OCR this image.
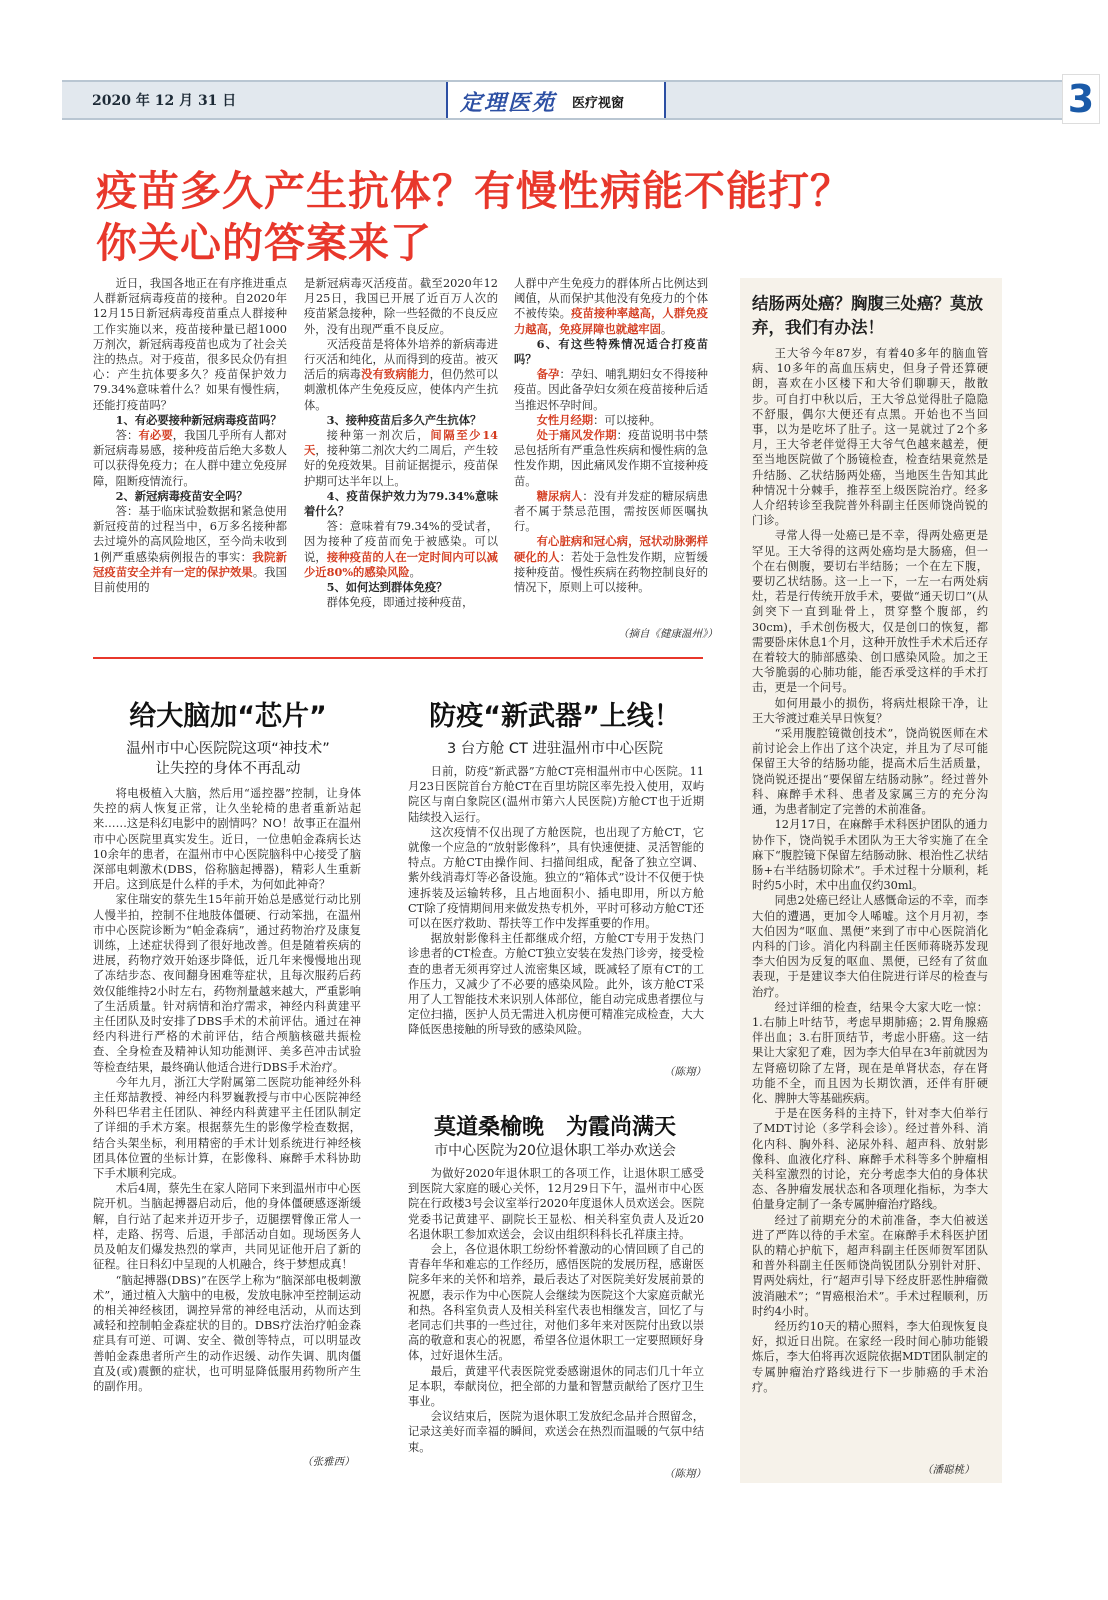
2020 年 12 月 31 日	定理医苑 医疗视窗	3
疫苗多久产生抗体？有慢性病能不能打？
你关心的答案来了

近日，我国各地正在有序推进重点人群新冠病毒疫苗的接种。自2020年12月15日新冠病毒疫苗重点人群接种工作实施以来，疫苗接种量已超1000万剂次，新冠病毒疫苗也成为了社会关注的热点。对于疫苗，很多民众仍有担心：产生抗体要多久？疫苗保护效力79.34%意味着什么？如果有慢性病，还能打疫苗吗？

1、有必要接种新冠病毒疫苗吗？

答：有必要，我国几乎所有人都对新冠病毒易感，接种疫苗后绝大多数人可以获得免疫力；在人群中建立免疫屏障，阻断疫情流行。

2、新冠病毒疫苗安全吗？

答：基于临床试验数据和紧急使用新冠疫苗的过程当中，6万多名接种都去过境外的高风险地区，至今尚未收到1例严重感染病例报告的事实：我院新冠疫苗安全并有一定的保护效果。我国目前使用的

是新冠病毒灭活疫苗。截至2020年12月25日，我国已开展了近百万人次的疫苗紧急接种，除一些轻微的不良反应外，没有出现严重不良反应。

灭活疫苗是将体外培养的新病毒进行灭活和纯化，从而得到的疫苗。被灭活后的病毒没有致病能力，但仍然可以刺激机体产生免疫反应，使体内产生抗体。

3、接种疫苗后多久产生抗体？

接种第一剂次后，间隔至少14天，接种第二剂次大约二周后，产生较好的免疫效果。目前证据提示，疫苗保护期可达半年以上。

4、疫苗保护效力为79.34%意味着什么？

答：意味着有79.34%的受试者，因为接种了疫苗而免于被感染。可以说，接种疫苗的人在一定时间内可以减少近80%的感染风险。

5、如何达到群体免疫？

群体免疫，即通过接种疫苗，

人群中产生免疫力的群体所占比例达到阈值，从而保护其他没有免疫力的个体不被传染。疫苗接种率越高，人群免疫力越高，免疫屏障也就越牢固。

6、有这些特殊情况适合打疫苗吗？

备孕：孕妇、哺乳期妇女不得接种疫苗。因此备孕妇女须在疫苗接种后适当推迟怀孕时间。

女性月经期：可以接种。

处于痛风发作期：疫苗说明书中禁忌包括所有严重急性疾病和慢性病的急性发作期，因此痛风发作期不宜接种疫苗。

糖尿病人：没有并发症的糖尿病患者不属于禁忌范围，需按医师医嘱执行。

有心脏病和冠心病，冠状动脉粥样硬化的人：若处于急性发作期，应暂缓接种疫苗。慢性疾病在药物控制良好的情况下，原则上可以接种。

（摘自《健康温州》）
给大脑加“芯片”
温州市中心医院院这项“神技术”
让失控的身体不再乱动

将电极植入大脑，然后用“遥控器”控制，让身体失控的病人恢复正常，让久坐轮椅的患者重新站起来……这是科幻电影中的剧情吗？NO！故事正在温州市中心医院里真实发生。近日，一位患帕金森病长达10余年的患者，在温州市中心医院脑科中心接受了脑深部电刺激术(DBS，俗称脑起搏器)，精彩人生重新开启。这到底是什么样的手术，为何如此神奇？

家住瑞安的蔡先生15年前开始总是感觉行动比别人慢半拍，控制不住地肢体僵硬、行动笨拙，在温州市中心医院诊断为“帕金森病”，通过药物治疗及康复训练，上述症状得到了很好地改善。但是随着疾病的进展，药物疗效开始逐步降低，近几年来慢慢地出现了冻结步态、夜间翻身困难等症状，且每次服药后药效仅能维持2小时左右，药物剂量越来越大，严重影响了生活质量。针对病情和治疗需求，神经内科黄建平主任团队及时安排了DBS手术的术前评估。通过在神经内科进行严格的术前评估，结合颅脑核磁共振检查、全身检查及精神认知功能测评、美多芭冲击试验等检查结果，最终确认他适合进行DBS手术治疗。

今年九月，浙江大学附属第二医院功能神经外科主任郑喆教授、神经内科罗巍教授与市中心医院神经外科巴华君主任团队、神经内科黄建平主任团队制定了详细的手术方案。根据蔡先生的影像学检查数据，结合头架坐标，利用精密的手术计划系统进行神经核团具体位置的坐标计算，在影像科、麻醉手术科协助下手术顺利完成。

术后4周，蔡先生在家人陪同下来到温州市中心医院开机。当脑起搏器启动后，他的身体僵硬感逐渐缓解，自行站了起来并迈开步子，迈腿摆臂像正常人一样，走路、拐弯、后退，手部活动自如。现场医务人员及帕友们爆发热烈的掌声，共同见证他开启了新的征程。往日科幻中呈现的人机融合，终于梦想成真！

“脑起搏器(DBS)”在医学上称为“脑深部电极刺激术”，通过植入大脑中的电极，发放电脉冲至控制运动的相关神经核团，调控异常的神经电活动，从而达到减轻和控制帕金森症状的目的。DBS疗法治疗帕金森症具有可逆、可调、安全、微创等特点，可以明显改善帕金森患者所产生的动作迟缓、动作失调、肌肉僵直及(或)震颤的症状，也可明显降低服用药物所产生的副作用。

（张雅西）
防疫“新武器”上线！
3 台方舱 CT 进驻温州市中心医院

日前，防疫“新武器”方舱CT亮相温州市中心医院。11月23日医院首台方舱CT在百里坊院区率先投入使用，双屿院区与南白象院区(温州市第六人民医院)方舱CT也于近期陆续投入运行。

这次疫情不仅出现了方舱医院，也出现了方舱CT，它就像一个应急的“放射影像科”，具有快速便捷、灵活智能的特点。方舱CT由操作间、扫描间组成，配备了独立空调、紫外线消毒灯等必备设施。独立的“箱体式”设计不仅便于快速拆装及运输转移，且占地面积小、插电即用，所以方舱CT除了疫情期间用来做发热专机外，平时可移动方舱CT还可以在医疗救助、帮扶等工作中发挥重要的作用。

据放射影像科主任都继成介绍，方舱CT专用于发热门诊患者的CT检查。方舱CT独立安装在发热门诊旁，接受检查的患者无须再穿过人流密集区域，既减轻了原有CT的工作压力，又减少了不必要的感染风险。此外，该方舱CT采用了人工智能技术来识别人体部位，能自动完成患者摆位与定位扫描，医护人员无需进入机房便可精准完成检查，大大降低医患接触的所导致的感染风险。

（陈翔）
莫道桑榆晚　为霞尚满天
市中心医院为20位退休职工举办欢送会

为做好2020年退休职工的各项工作，让退休职工感受到医院大家庭的暖心关怀，12月29日下午，温州市中心医院在行政楼3号会议室举行2020年度退休人员欢送会。医院党委书记黄建平、副院长王显松、相关科室负责人及近20名退休职工参加欢送会，会议由组织科科长孔祥康主持。

会上，各位退休职工纷纷怀着激动的心情回顾了自己的青春年华和难忘的工作经历，感悟医院的发展历程，感谢医院多年来的关怀和培养，最后表达了对医院美好发展前景的祝愿，表示作为中心医院人会继续为医院这个大家庭贡献光和热。各科室负责人及相关科室代表也相继发言，回忆了与老同志们共事的一些过往，对他们多年来对医院付出致以崇高的敬意和衷心的祝愿，希望各位退休职工一定要照顾好身体，过好退休生活。

最后，黄建平代表医院党委感谢退休的同志们几十年立足本职，奉献岗位，把全部的力量和智慧贡献给了医疗卫生事业。

会议结束后，医院为退休职工发放纪念品并合照留念，记录这美好而幸福的瞬间，欢送会在热烈而温暖的气氛中结束。

（陈翔）
结肠两处癌？胸腹三处癌？莫放弃，我们有办法！

王大爷今年87岁，有着40多年的脑血管病、10多年的高血压病史，但身子骨还算硬朗，喜欢在小区楼下和大爷们聊聊天，散散步。可自打中秋以后，王大爷总觉得肚子隐隐不舒服，偶尔大便还有点黑。开始也不当回事，以为是吃坏了肚子。这一晃就过了2个多月，王大爷老伴觉得王大爷气色越来越差，便至当地医院做了个肠镜检查，检查结果竟然是升结肠、乙状结肠两处癌，当地医生告知其此种情况十分棘手，推荐至上级医院治疗。经多人介绍转诊至我院普外科副主任医师饶尚锐的门诊。

寻常人得一处癌已是不幸，得两处癌更是罕见。王大爷得的这两处癌均是大肠癌，但一个在右侧腹，要切右半结肠；一个在左下腹，要切乙状结肠。这一上一下，一左一右两处病灶，若是行传统开放手术，要做“通天切口”(从剑突下一直到耻骨上，贯穿整个腹部，约30cm)，手术创伤极大，仅是创口的恢复，都需要卧床休息1个月，这种开放性手术术后还存在着较大的肺部感染、创口感染风险。加之王大爷脆弱的心肺功能，能否承受这样的手术打击，更是一个问号。

如何用最小的损伤，将病灶根除干净，让王大爷渡过难关早日恢复？

“采用腹腔镜微创技术”，饶尚锐医师在术前讨论会上作出了这个决定，并且为了尽可能保留王大爷的结肠功能，提高术后生活质量，饶尚锐还提出“要保留左结肠动脉”。经过普外科、麻醉手术科、患者及家属三方的充分沟通，为患者制定了完善的术前准备。

12月17日，在麻醉手术科医护团队的通力协作下，饶尚锐手术团队为王大爷实施了在全麻下“腹腔镜下保留左结肠动脉、根治性乙状结肠+右半结肠切除术”。手术过程十分顺利，耗时约5小时，术中出血仅约30ml。

同患2处癌已经让人感慨命运的不幸，而李大伯的遭遇，更加令人唏嘘。这个月月初，李大伯因为“呕血、黑便”来到了市中心医院消化内科的门诊。消化内科副主任医师蒋晓苏发现李大伯因为反复的呕血、黑便，已经有了贫血表现，于是建议李大伯住院进行详尽的检查与治疗。

经过详细的检查，结果令大家大吃一惊：1.右肺上叶结节，考虑早期肺癌；2.胃角腺癌伴出血；3.右肝顶结节，考虑小肝癌。这一结果让大家犯了难，因为李大伯早在3年前就因为左肾癌切除了左肾，现在是单肾状态，存在肾功能不全，而且因为长期饮酒，还伴有肝硬化、脾肿大等基础疾病。

于是在医务科的主持下，针对李大伯举行了MDT讨论（多学科会诊）。经过普外科、消化内科、胸外科、泌尿外科、超声科、放射影像科、血液化疗科、麻醉手术科等多个肿瘤相关科室激烈的讨论，充分考虑李大伯的身体状态、各肿瘤发展状态和各项理化指标，为李大伯量身定制了一条专属肿瘤治疗路线。

经过了前期充分的术前准备，李大伯被送进了严阵以待的手术室。在麻醉手术科医护团队的精心护航下，超声科副主任医师贺军团队和普外科副主任医师饶尚锐团队分别针对肝、胃两处病灶，行“超声引导下经皮肝恶性肿瘤微波消融术”；“胃癌根治术”。手术过程顺利，历时约4小时。

经历约10天的精心照料，李大伯现恢复良好，拟近日出院。在家经一段时间心肺功能锻炼后，李大伯将再次返院依据MDT团队制定的专属肿瘤治疗路线进行下一步肺癌的手术治疗。

（潘聪桃）
